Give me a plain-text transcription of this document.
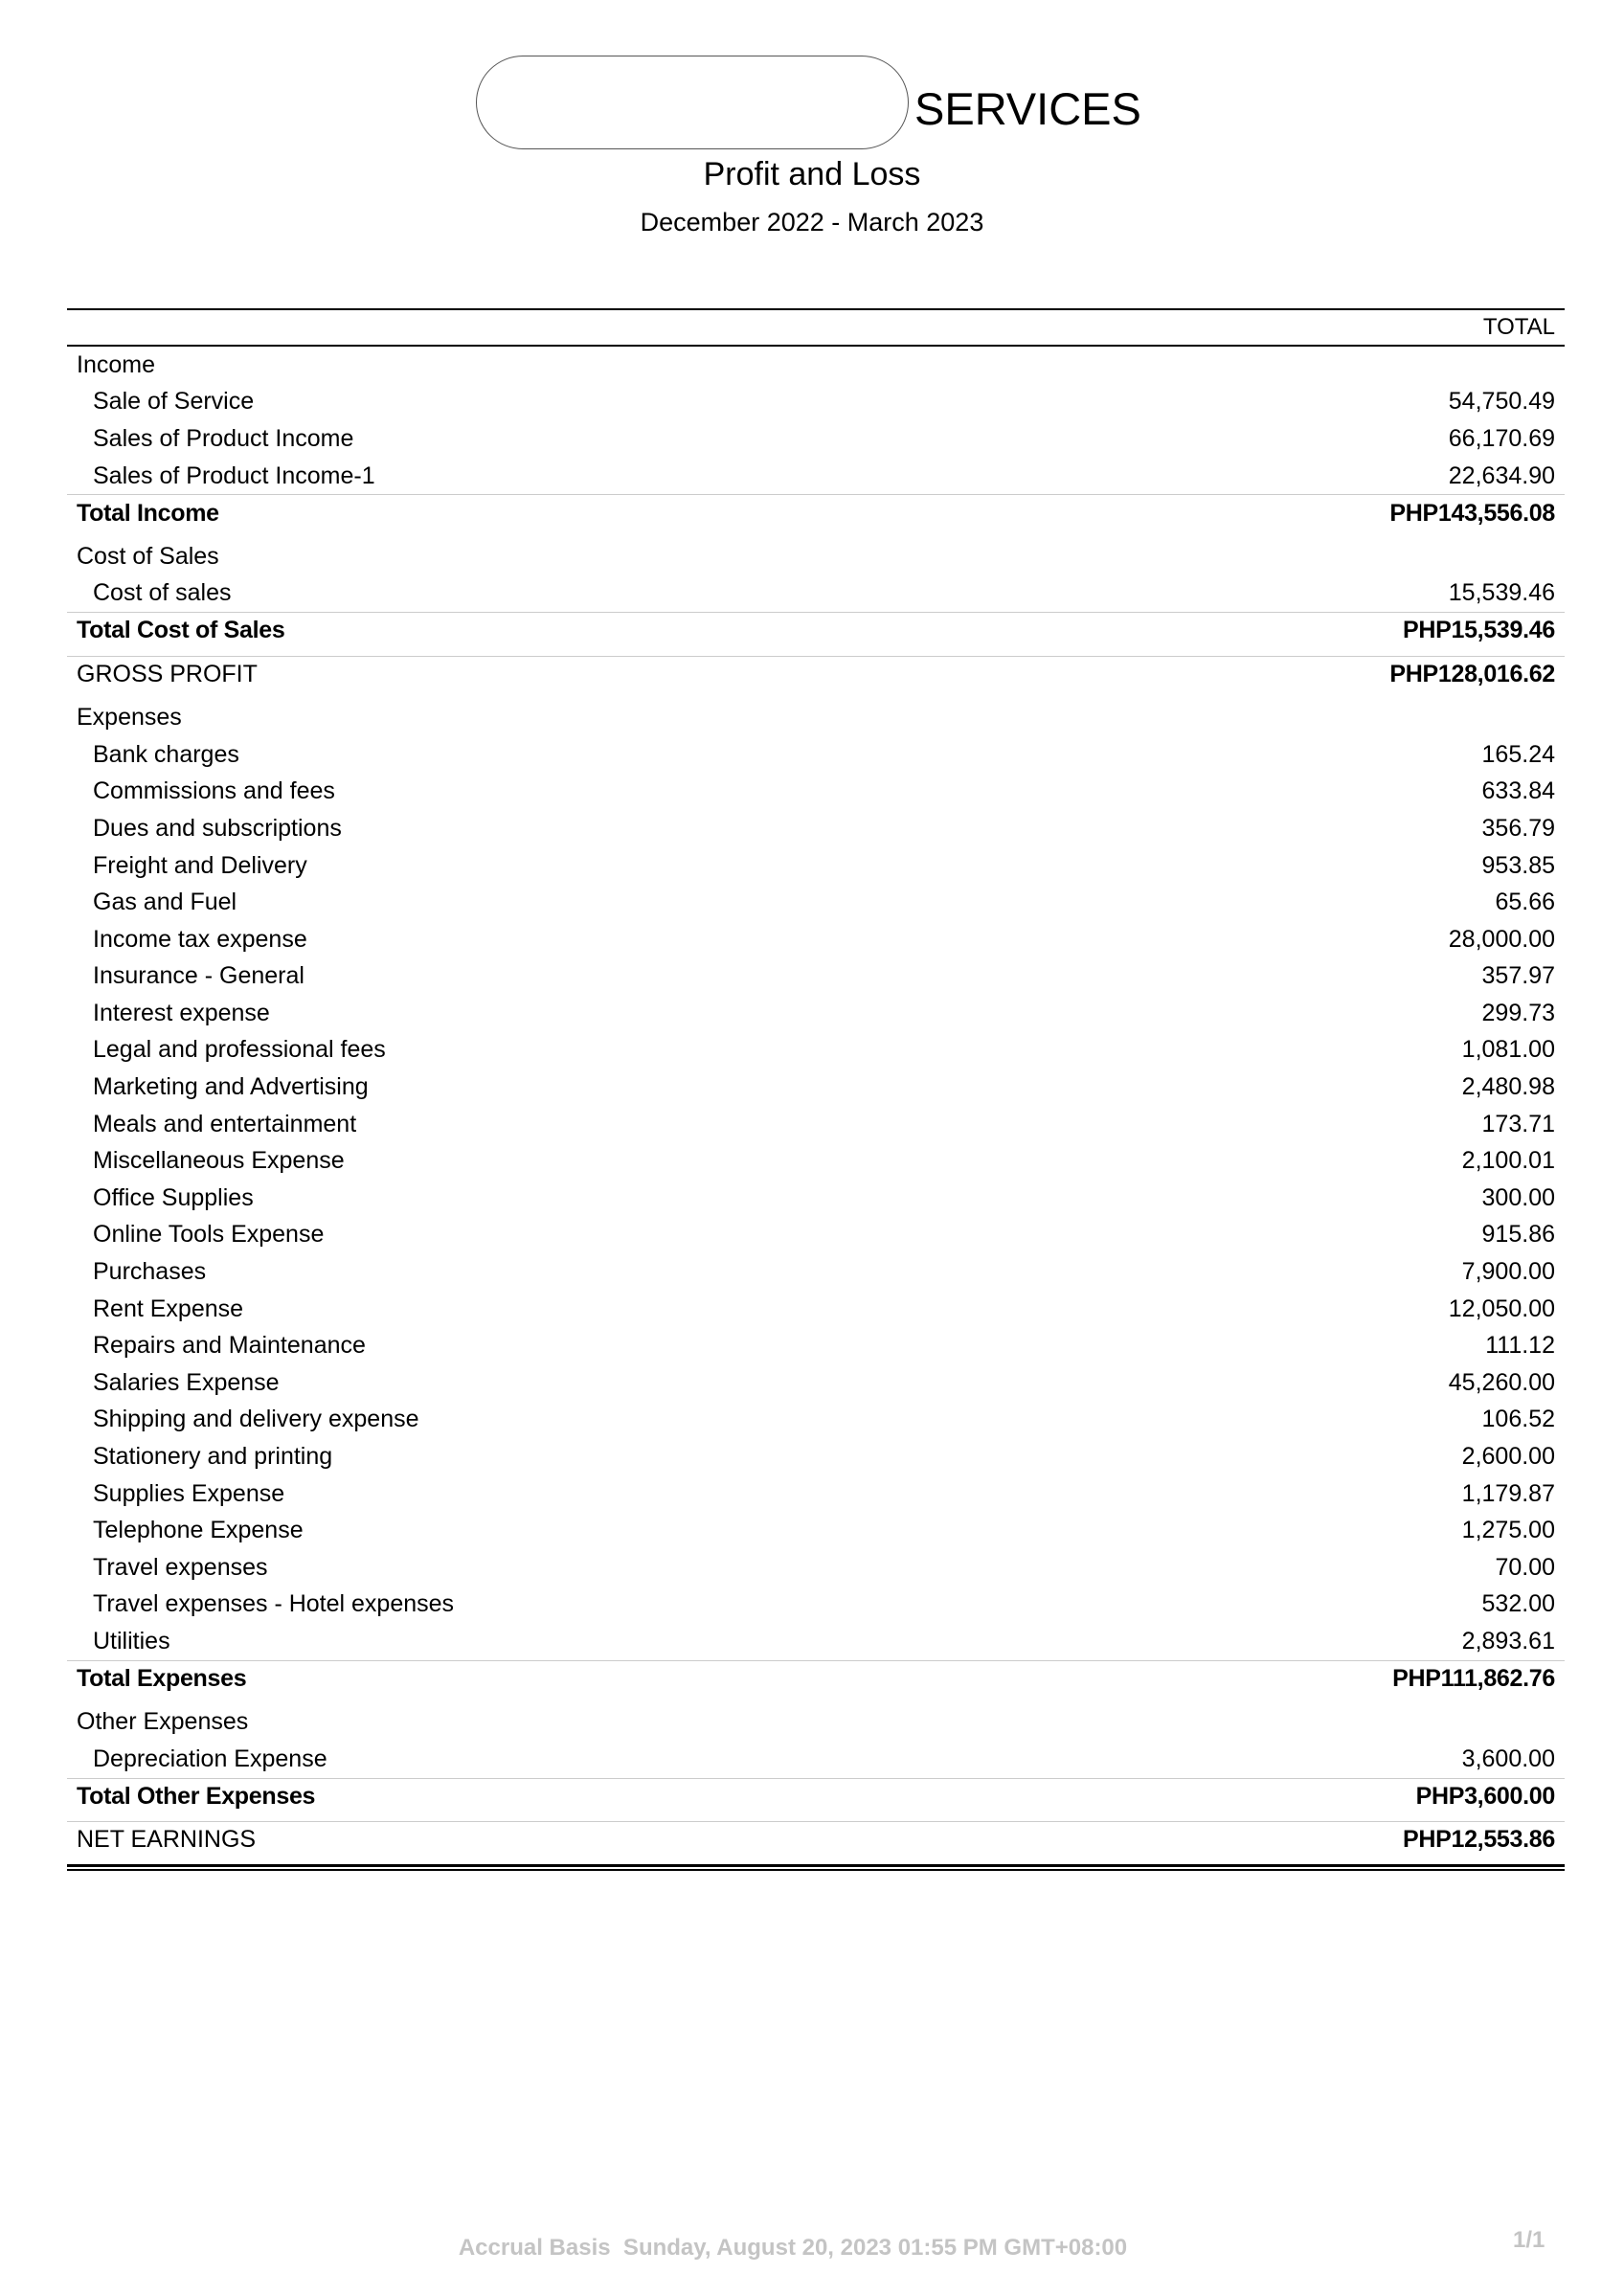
SERVICES
Profit and Loss
December 2022 - March 2023
TOTAL
Income
Sale of Service	54,750.49
Sales of Product Income	66,170.69
Sales of Product Income-1	22,634.90
Total Income	PHP143,556.08
Cost of Sales
Cost of sales	15,539.46
Total Cost of Sales	PHP15,539.46
GROSS PROFIT	PHP128,016.62
Expenses
Bank charges	165.24
Commissions and fees	633.84
Dues and subscriptions	356.79
Freight and Delivery	953.85
Gas and Fuel	65.66
Income tax expense	28,000.00
Insurance - General	357.97
Interest expense	299.73
Legal and professional fees	1,081.00
Marketing and Advertising	2,480.98
Meals and entertainment	173.71
Miscellaneous Expense	2,100.01
Office Supplies	300.00
Online Tools Expense	915.86
Purchases	7,900.00
Rent Expense	12,050.00
Repairs and Maintenance	111.12
Salaries Expense	45,260.00
Shipping and delivery expense	106.52
Stationery and printing	2,600.00
Supplies Expense	1,179.87
Telephone Expense	1,275.00
Travel expenses	70.00
Travel expenses - Hotel expenses	532.00
Utilities	2,893.61
Total Expenses	PHP111,862.76
Other Expenses
Depreciation Expense	3,600.00
Total Other Expenses	PHP3,600.00
NET EARNINGS	PHP12,553.86
Accrual Basis  Sunday, August 20, 2023 01:55 PM GMT+08:00	1/1
